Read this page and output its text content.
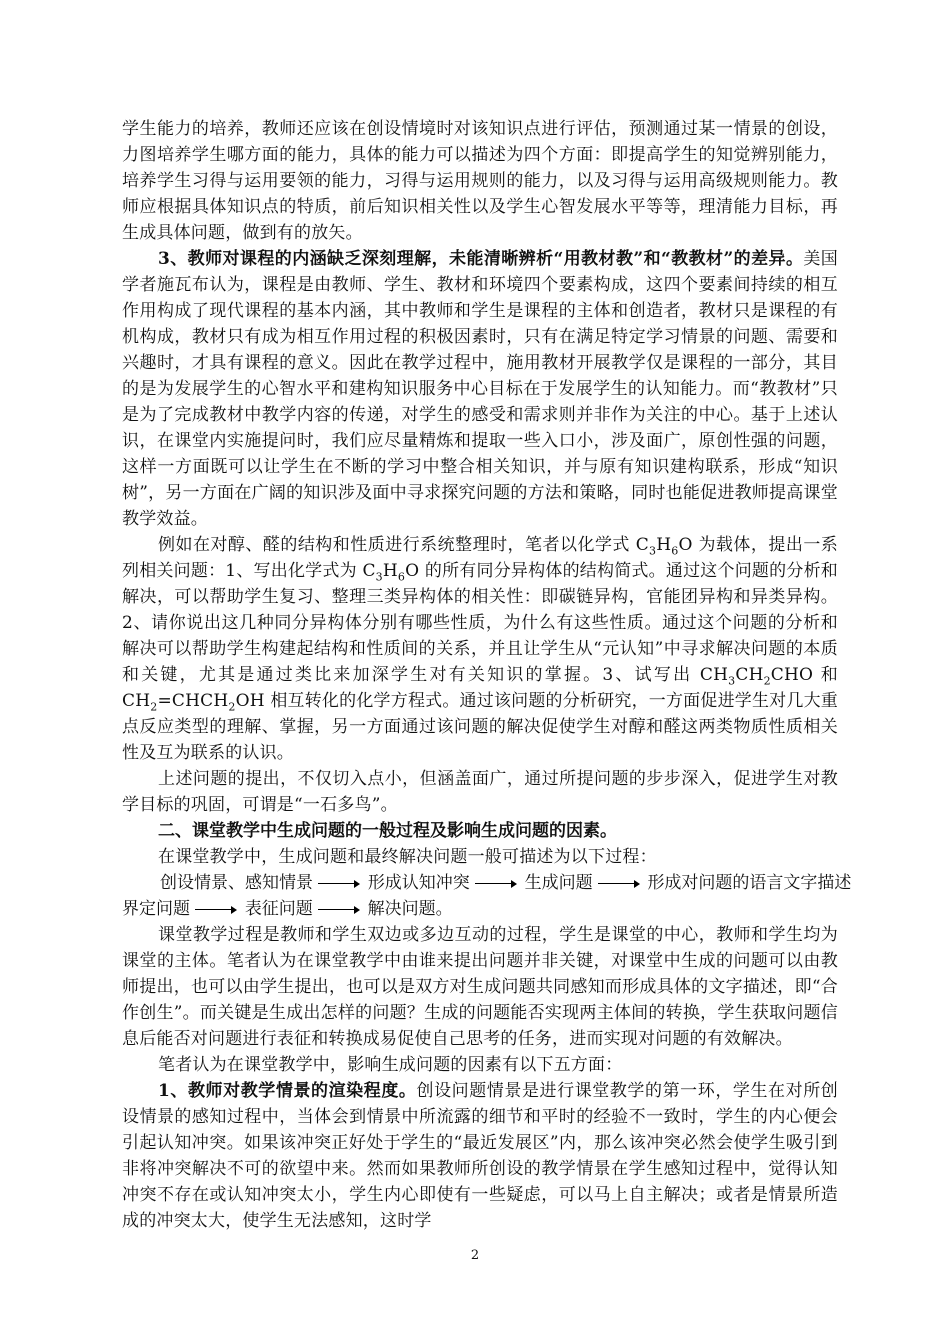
学生能力的培养，教师还应该在创设情境时对该知识点进行评估，预测通过某一情景的创设，力图培养学生哪方面的能力，具体的能力可以描述为四个方面：即提高学生的知觉辨别能力，培养学生习得与运用要领的能力，习得与运用规则的能力，以及习得与运用高级规则能力。教师应根据具体知识点的特质，前后知识相关性以及学生心智发展水平等等，理清能力目标，再生成具体问题，做到有的放矢。

3、教师对课程的内涵缺乏深刻理解，未能清晰辨析“用教材教”和“教教材”的差异。美国学者施瓦布认为，课程是由教师、学生、教材和环境四个要素构成，这四个要素间持续的相互作用构成了现代课程的基本内涵，其中教师和学生是课程的主体和创造者，教材只是课程的有机构成，教材只有成为相互作用过程的积极因素时，只有在满足特定学习情景的问题、需要和兴趣时，才具有课程的意义。因此在教学过程中，施用教材开展教学仅是课程的一部分，其目的是为发展学生的心智水平和建构知识服务中心目标在于发展学生的认知能力。而“教教材”只是为了完成教材中教学内容的传递，对学生的感受和需求则并非作为关注的中心。基于上述认识，在课堂内实施提问时，我们应尽量精炼和提取一些入口小，涉及面广，原创性强的问题，这样一方面既可以让学生在不断的学习中整合相关知识，并与原有知识建构联系，形成“知识树”，另一方面在广阔的知识涉及面中寻求探究问题的方法和策略，同时也能促进教师提高课堂教学效益。

例如在对醇、醛的结构和性质进行系统整理时，笔者以化学式 $C_3H_6O$ 为载体，提出一系列相关问题：1、写出化学式为 $C_3H_6O$ 的所有同分异构体的结构简式。通过这个问题的分析和解决，可以帮助学生复习、整理三类异构体的相关性：即碳链异构，官能团异构和异类异构。2、请你说出这几种同分异构体分别有哪些性质，为什么有这些性质。通过这个问题的分析和解决可以帮助学生构建起结构和性质间的关系，并且让学生从“元认知”中寻求解决问题的本质和关键，尤其是通过类比来加深学生对有关知识的掌握。3、试写出 $CH_3CH_2CHO$ 和 $CH_2=CHCH_2OH$ 相互转化的化学方程式。通过该问题的分析研究，一方面促进学生对几大重点反应类型的理解、掌握，另一方面通过该问题的解决促使学生对醇和醛这两类物质性质相关性及互为联系的认识。

上述问题的提出，不仅切入点小，但涵盖面广，通过所提问题的步步深入，促进学生对教学目标的巩固，可谓是“一石多鸟”。

二、课堂教学中生成问题的一般过程及影响生成问题的因素。

在课堂教学中，生成问题和最终解决问题一般可描述为以下过程：

创设情景、感知情景	形成认知冲突	生成问题	形成对问题的语言文字描述
界定问题	表征问题	解决问题。

课堂教学过程是教师和学生双边或多边互动的过程，学生是课堂的中心，教师和学生均为课堂的主体。笔者认为在课堂教学中由谁来提出问题并非关键，对课堂中生成的问题可以由教师提出，也可以由学生提出，也可以是双方对生成问题共同感知而形成具体的文字描述，即“合作创生”。而关键是生成出怎样的问题？生成的问题能否实现两主体间的转换，学生获取问题信息后能否对问题进行表征和转换成易促使自己思考的任务，进而实现对问题的有效解决。

笔者认为在课堂教学中，影响生成问题的因素有以下五方面：

1、教师对教学情景的渲染程度。创设问题情景是进行课堂教学的第一环，学生在对所创设情景的感知过程中，当体会到情景中所流露的细节和平时的经验不一致时，学生的内心便会引起认知冲突。如果该冲突正好处于学生的“最近发展区”内，那么该冲突必然会使学生吸引到非将冲突解决不可的欲望中来。然而如果教师所创设的教学情景在学生感知过程中，觉得认知冲突不存在或认知冲突太小，学生内心即使有一些疑虑，可以马上自主解决；或者是情景所造成的冲突太大，使学生无法感知，这时学

2
